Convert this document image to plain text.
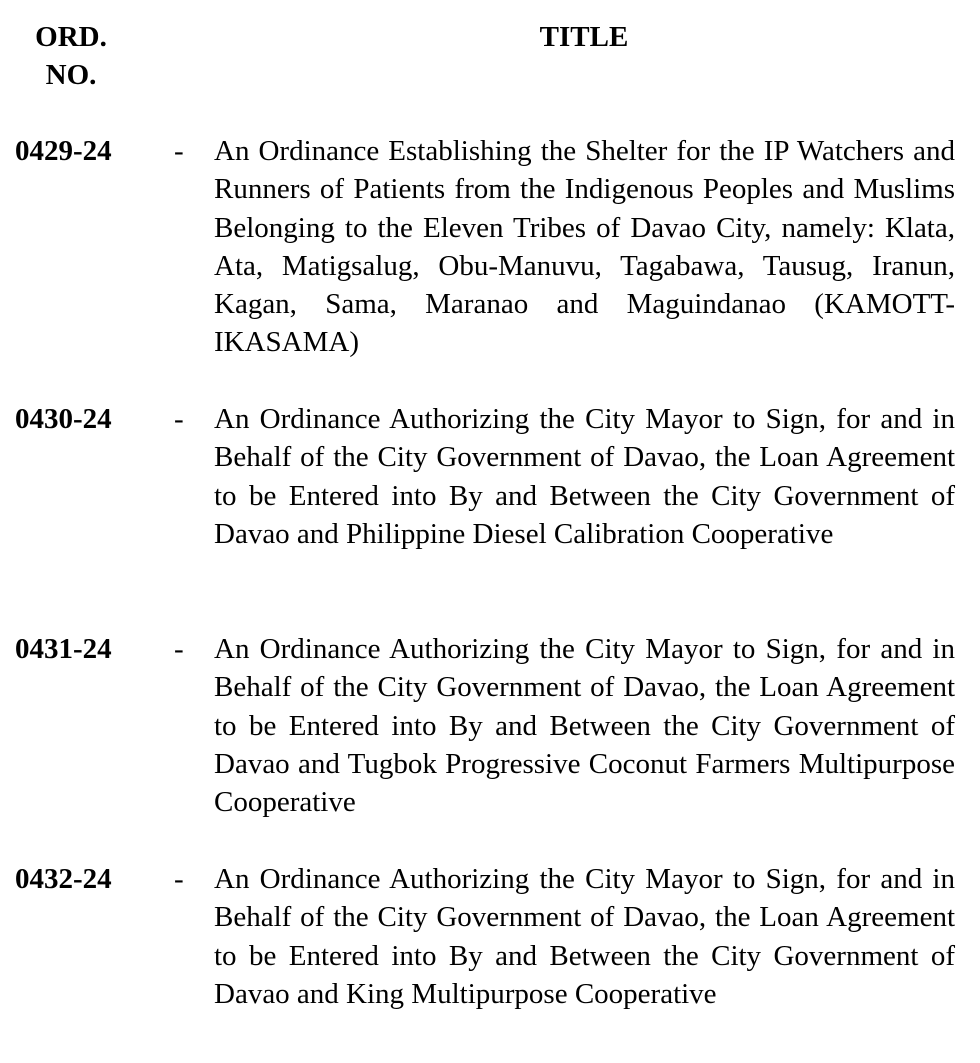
ORD.
NO.
TITLE
0429-24 - An Ordinance Establishing the Shelter for the IP Watchers and Runners of Patients from the Indigenous Peoples and Muslims Belonging to the Eleven Tribes of Davao City, namely: Klata, Ata, Matigsalug, Obu-Manuvu, Tagabawa, Tausug, Iranun, Kagan, Sama, Maranao and Maguindanao (KAMOTT-IKASAMA)
0430-24 - An Ordinance Authorizing the City Mayor to Sign, for and in Behalf of the City Government of Davao, the Loan Agreement to be Entered into By and Between the City Government of Davao and Philippine Diesel Calibration Cooperative
0431-24 - An Ordinance Authorizing the City Mayor to Sign, for and in Behalf of the City Government of Davao, the Loan Agreement to be Entered into By and Between the City Government of Davao and Tugbok Progressive Coconut Farmers Multipurpose Cooperative
0432-24 - An Ordinance Authorizing the City Mayor to Sign, for and in Behalf of the City Government of Davao, the Loan Agreement to be Entered into By and Between the City Government of Davao and King Multipurpose Cooperative
